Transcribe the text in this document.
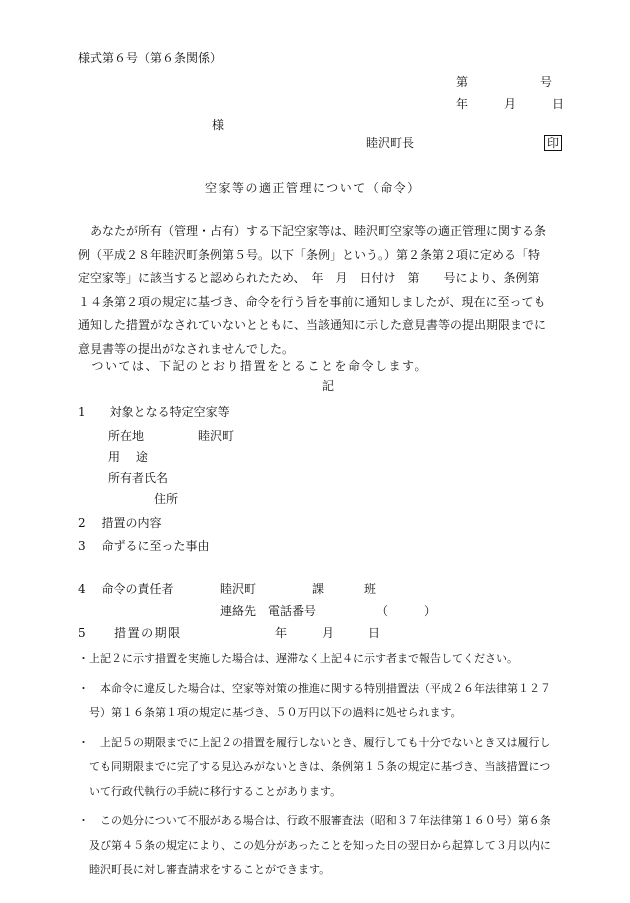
様式第６号（第６条関係）
第　　　　　　号
年　　　月　　　日
様
睦沢町長	印
空家等の適正管理について（命令）
　あなたが所有（管理・占有）する下記空家等は、睦沢町空家等の適正管理に関する条
例（平成２８年睦沢町条例第５号。以下「条例」という。）第２条第２項に定める「特
定空家等」に該当すると認められたため、　年　月　日付け　第　　号により、条例第
１４条第２項の規定に基づき、命令を行う旨を事前に通知しましたが、現在に至っても
通知した措置がなされていないとともに、当該通知に示した意見書等の提出期限までに
意見書等の提出がなされませんでした。
　ついては、下記のとおり措置をとることを命令します。
記
1　　対象となる特定空家等
所在地	睦沢町
用　 途
所有者氏名
住所
2　 措置の内容
3　 命ずるに至った事由
4　 命令の責任者	睦沢町	課	班
連絡先　電話番号	（　　　）
5　　措置の期限	年	月	日
・上記２に示す措置を実施した場合は、遅滞なく上記４に示す者まで報告してください。
・　本命令に違反した場合は、空家等対策の推進に関する特別措置法（平成２６年法律第１２７
　号）第１６条第１項の規定に基づき、５０万円以下の過料に処せられます。
・　上記５の期限までに上記２の措置を履行しないとき、履行しても十分でないとき又は履行し
　ても同期限までに完了する見込みがないときは、条例第１５条の規定に基づき、当該措置につ
　いて行政代執行の手続に移行することがあります。
・　この処分について不服がある場合は、行政不服審査法（昭和３７年法律第１６０号）第６条
　及び第４５条の規定により、この処分があったことを知った日の翌日から起算して３月以内に
　睦沢町長に対し審査請求をすることができます。
